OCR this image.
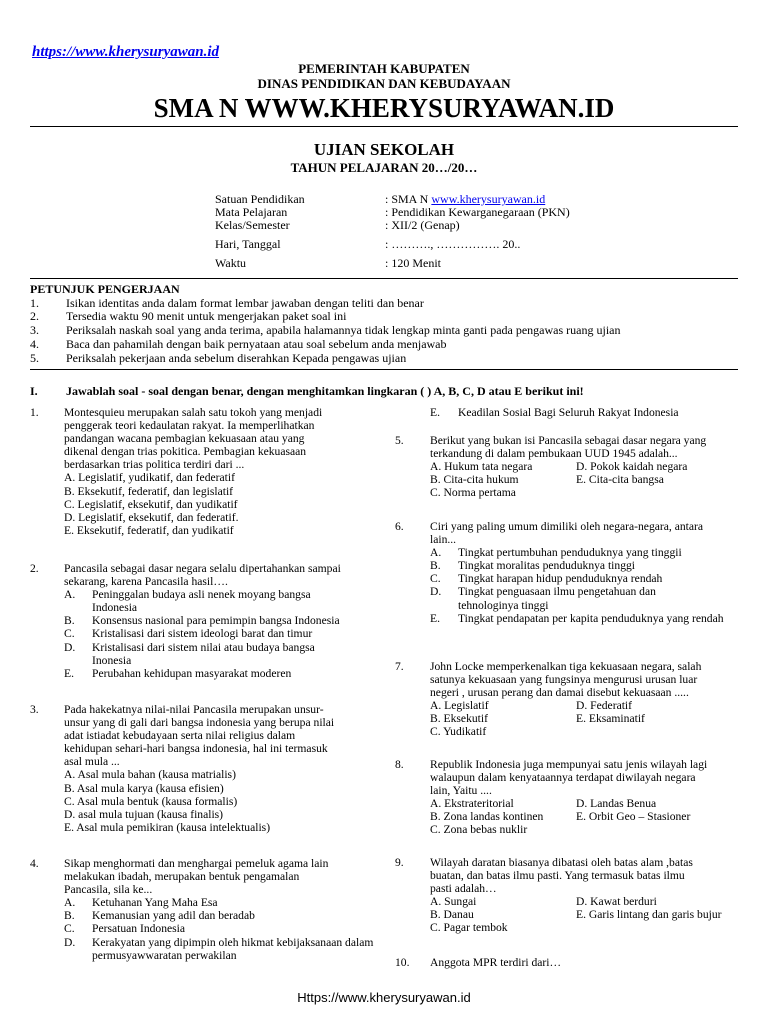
https://www.kherysuryawan.id
PEMERINTAH KABUPATEN
DINAS PENDIDIKAN DAN KEBUDAYAAN
SMA N WWW.KHERYSURYAWAN.ID
UJIAN SEKOLAH
TAHUN PELAJARAN 20…/20…
Satuan Pendidikan	: SMA N www.kherysuryawan.id
Mata Pelajaran	: Pendidikan Kewarganegaraan (PKN)
Kelas/Semester	: XII/2 (Genap)
Hari, Tanggal	: ………., ……………. 20..
Waktu	: 120 Menit
PETUNJUK PENGERJAAN
1. Isikan identitas anda dalam format lembar jawaban dengan teliti dan benar
2. Tersedia waktu 90 menit untuk mengerjakan paket soal ini
3. Periksalah naskah soal yang anda terima, apabila halamannya tidak lengkap minta ganti pada pengawas ruang ujian
4. Baca dan pahamilah dengan baik pernyataan atau soal sebelum anda menjawab
5. Periksalah pekerjaan anda sebelum diserahkan Kepada pengawas ujian
I. Jawablah soal - soal dengan benar, dengan menghitamkan lingkaran ( ) A, B, C, D atau E berikut ini!
1. Montesquieu merupakan salah satu tokoh yang menjadi
penggerak teori kedaulatan rakyat. Ia memperlihatkan
pandangan wacana pembagian kekuasaan atau yang
dikenal dengan trias pokitica. Pembagian kekuasaan
berdasarkan trias politica terdiri dari ...
A. Legislatif, yudikatif, dan federatif
B. Eksekutif, federatif, dan legislatif
C. Legislatif, eksekutif, dan yudikatif
D. Legislatif, eksekutif, dan federatif.
E. Eksekutif, federatif, dan yudikatif
2. Pancasila sebagai dasar negara selalu dipertahankan sampai
sekarang, karena Pancasila hasil….
A. Peninggalan budaya asli nenek moyang bangsa Indonesia
B. Konsensus nasional para pemimpin bangsa Indonesia
C. Kristalisasi dari sistem ideologi barat dan timur
D. Kristalisasi dari sistem nilai atau budaya bangsa Inonesia
E. Perubahan kehidupan masyarakat moderen
3. Pada hakekatnya nilai-nilai Pancasila merupakan unsur-
unsur yang di gali dari bangsa indonesia yang berupa nilai
adat istiadat kebudayaan serta nilai religius dalam
kehidupan sehari-hari bangsa indonesia, hal ini termasuk
asal mula ...
A. Asal mula bahan (kausa matrialis)
B. Asal mula karya (kausa efisien)
C. Asal mula bentuk (kausa formalis)
D. asal mula tujuan (kausa finalis)
E. Asal mula pemikiran (kausa intelektualis)
4. Sikap menghormati dan menghargai pemeluk agama lain
melakukan ibadah, merupakan bentuk pengamalan
Pancasila, sila ke...
A. Ketuhanan Yang Maha Esa
B. Kemanusian yang adil dan beradab
C. Persatuan Indonesia
D. Kerakyatan yang dipimpin oleh hikmat kebijaksanaan dalam permusyawwaratan perwakilan
E. Keadilan Sosial Bagi Seluruh Rakyat Indonesia
5. Berikut yang bukan isi Pancasila sebagai dasar negara yang
terkandung di dalam pembukaan UUD 1945 adalah...
A. Hukum tata negara	D. Pokok kaidah negara
B. Cita-cita hukum	E. Cita-cita bangsa
C. Norma pertama
6. Ciri yang paling umum dimiliki oleh negara-negara, antara
lain...
A. Tingkat pertumbuhan penduduknya yang tinggii
B. Tingkat moralitas penduduknya tinggi
C. Tingkat harapan hidup penduduknya rendah
D. Tingkat penguasaan ilmu pengetahuan dan tehnologinya tinggi
E. Tingkat pendapatan per kapita penduduknya yang rendah
7. John Locke memperkenalkan tiga kekuasaan negara, salah
satunya kekuasaan yang fungsinya mengurusi urusan luar
negeri , urusan perang dan damai disebut kekuasaan .....
A. Legislatif	D. Federatif
B. Eksekutif	E. Eksaminatif
C. Yudikatif
8. Republik Indonesia juga mempunyai satu jenis wilayah lagi
walaupun dalam kenyataannya terdapat diwilayah negara
lain, Yaitu ....
A. Ekstrateritorial	D. Landas Benua
B. Zona landas kontinen	E. Orbit Geo – Stasioner
C. Zona bebas nuklir
9. Wilayah daratan biasanya dibatasi oleh batas alam ,batas
buatan, dan batas ilmu pasti. Yang termasuk batas ilmu
pasti adalah…
A. Sungai	D. Kawat berduri
B. Danau	E. Garis lintang dan garis bujur
C. Pagar tembok
10. Anggota MPR terdiri dari…
Https://www.kherysuryawan.id
